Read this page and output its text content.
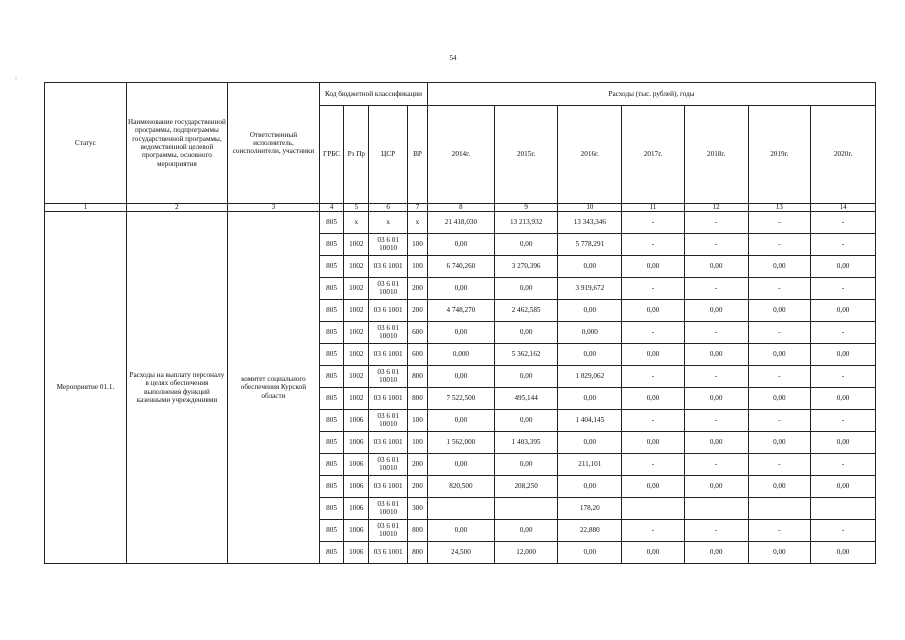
54
-
Статус	Наименование государственной программы, подпрограммы государственной программы, ведомственной целевой программы, основного мероприятия	Ответственный исполнитель, соисполнители, участники	Код бюджетной классификации				Расходы (тыс. рублей), годы						
			ГРБС	Рз Пр	ЦСР	ВР	2014г.	2015г.	2016г.	2017г.	2018г.	2019г.	2020г.
1	2	3	4	5	6	7	8	9	10	11	12	13	14
Мероприятие 01.1.	Расходы на выплату персоналу в целях обеспечения выполнения функций казенными учреждениями	комитет социального обеспечения Курской области	805	х	х	х	21 418,030	13 213,932	13 343,346	-	-	-	-
			805	1002	03 6 01 10010	100	0,00	0,00	5 778,291	-	-	-	-
			805	1002	03 6 1001	100	6 740,260	3 270,396	0,00	0,00	0,00	0,00	0,00
			805	1002	03 6 01 10010	200	0,00	0,00	3 919,672	-	-	-	-
			805	1002	03 6 1001	200	4 748,270	2 462,585	0,00	0,00	0,00	0,00	0,00
			805	1002	03 6 01 10010	600	0,00	0,00	0,000	-	-	-	-
			805	1002	03 6 1001	600	0,000	5 362,162	0,00	0,00	0,00	0,00	0,00
			805	1002	03 6 01 10010	800	0,00	0,00	1 829,062	-	-	-	-
			805	1002	03 6 1001	800	7 522,500	495,144	0,00	0,00	0,00	0,00	0,00
			805	1006	03 6 01 10010	100	0,00	0,00	1 404,145	-	-	-	-
			805	1006	03 6 1001	100	1 562,000	1 403,395	0,00	0,00	0,00	0,00	0,00
			805	1006	03 6 01 10010	200	0,00	0,00	211,101	-	-	-	-
			805	1006	03 6 1001	200	820,500	208,250	0,00	0,00	0,00	0,00	0,00
			805	1006	03 6 01 10010	300			178,20				
			805	1006	03 6 01 10010	800	0,00	0,00	22,880	-	-	-	-
			805	1006	03 6 1001	800	24,500	12,000	0,00	0,00	0,00	0,00	0,00
